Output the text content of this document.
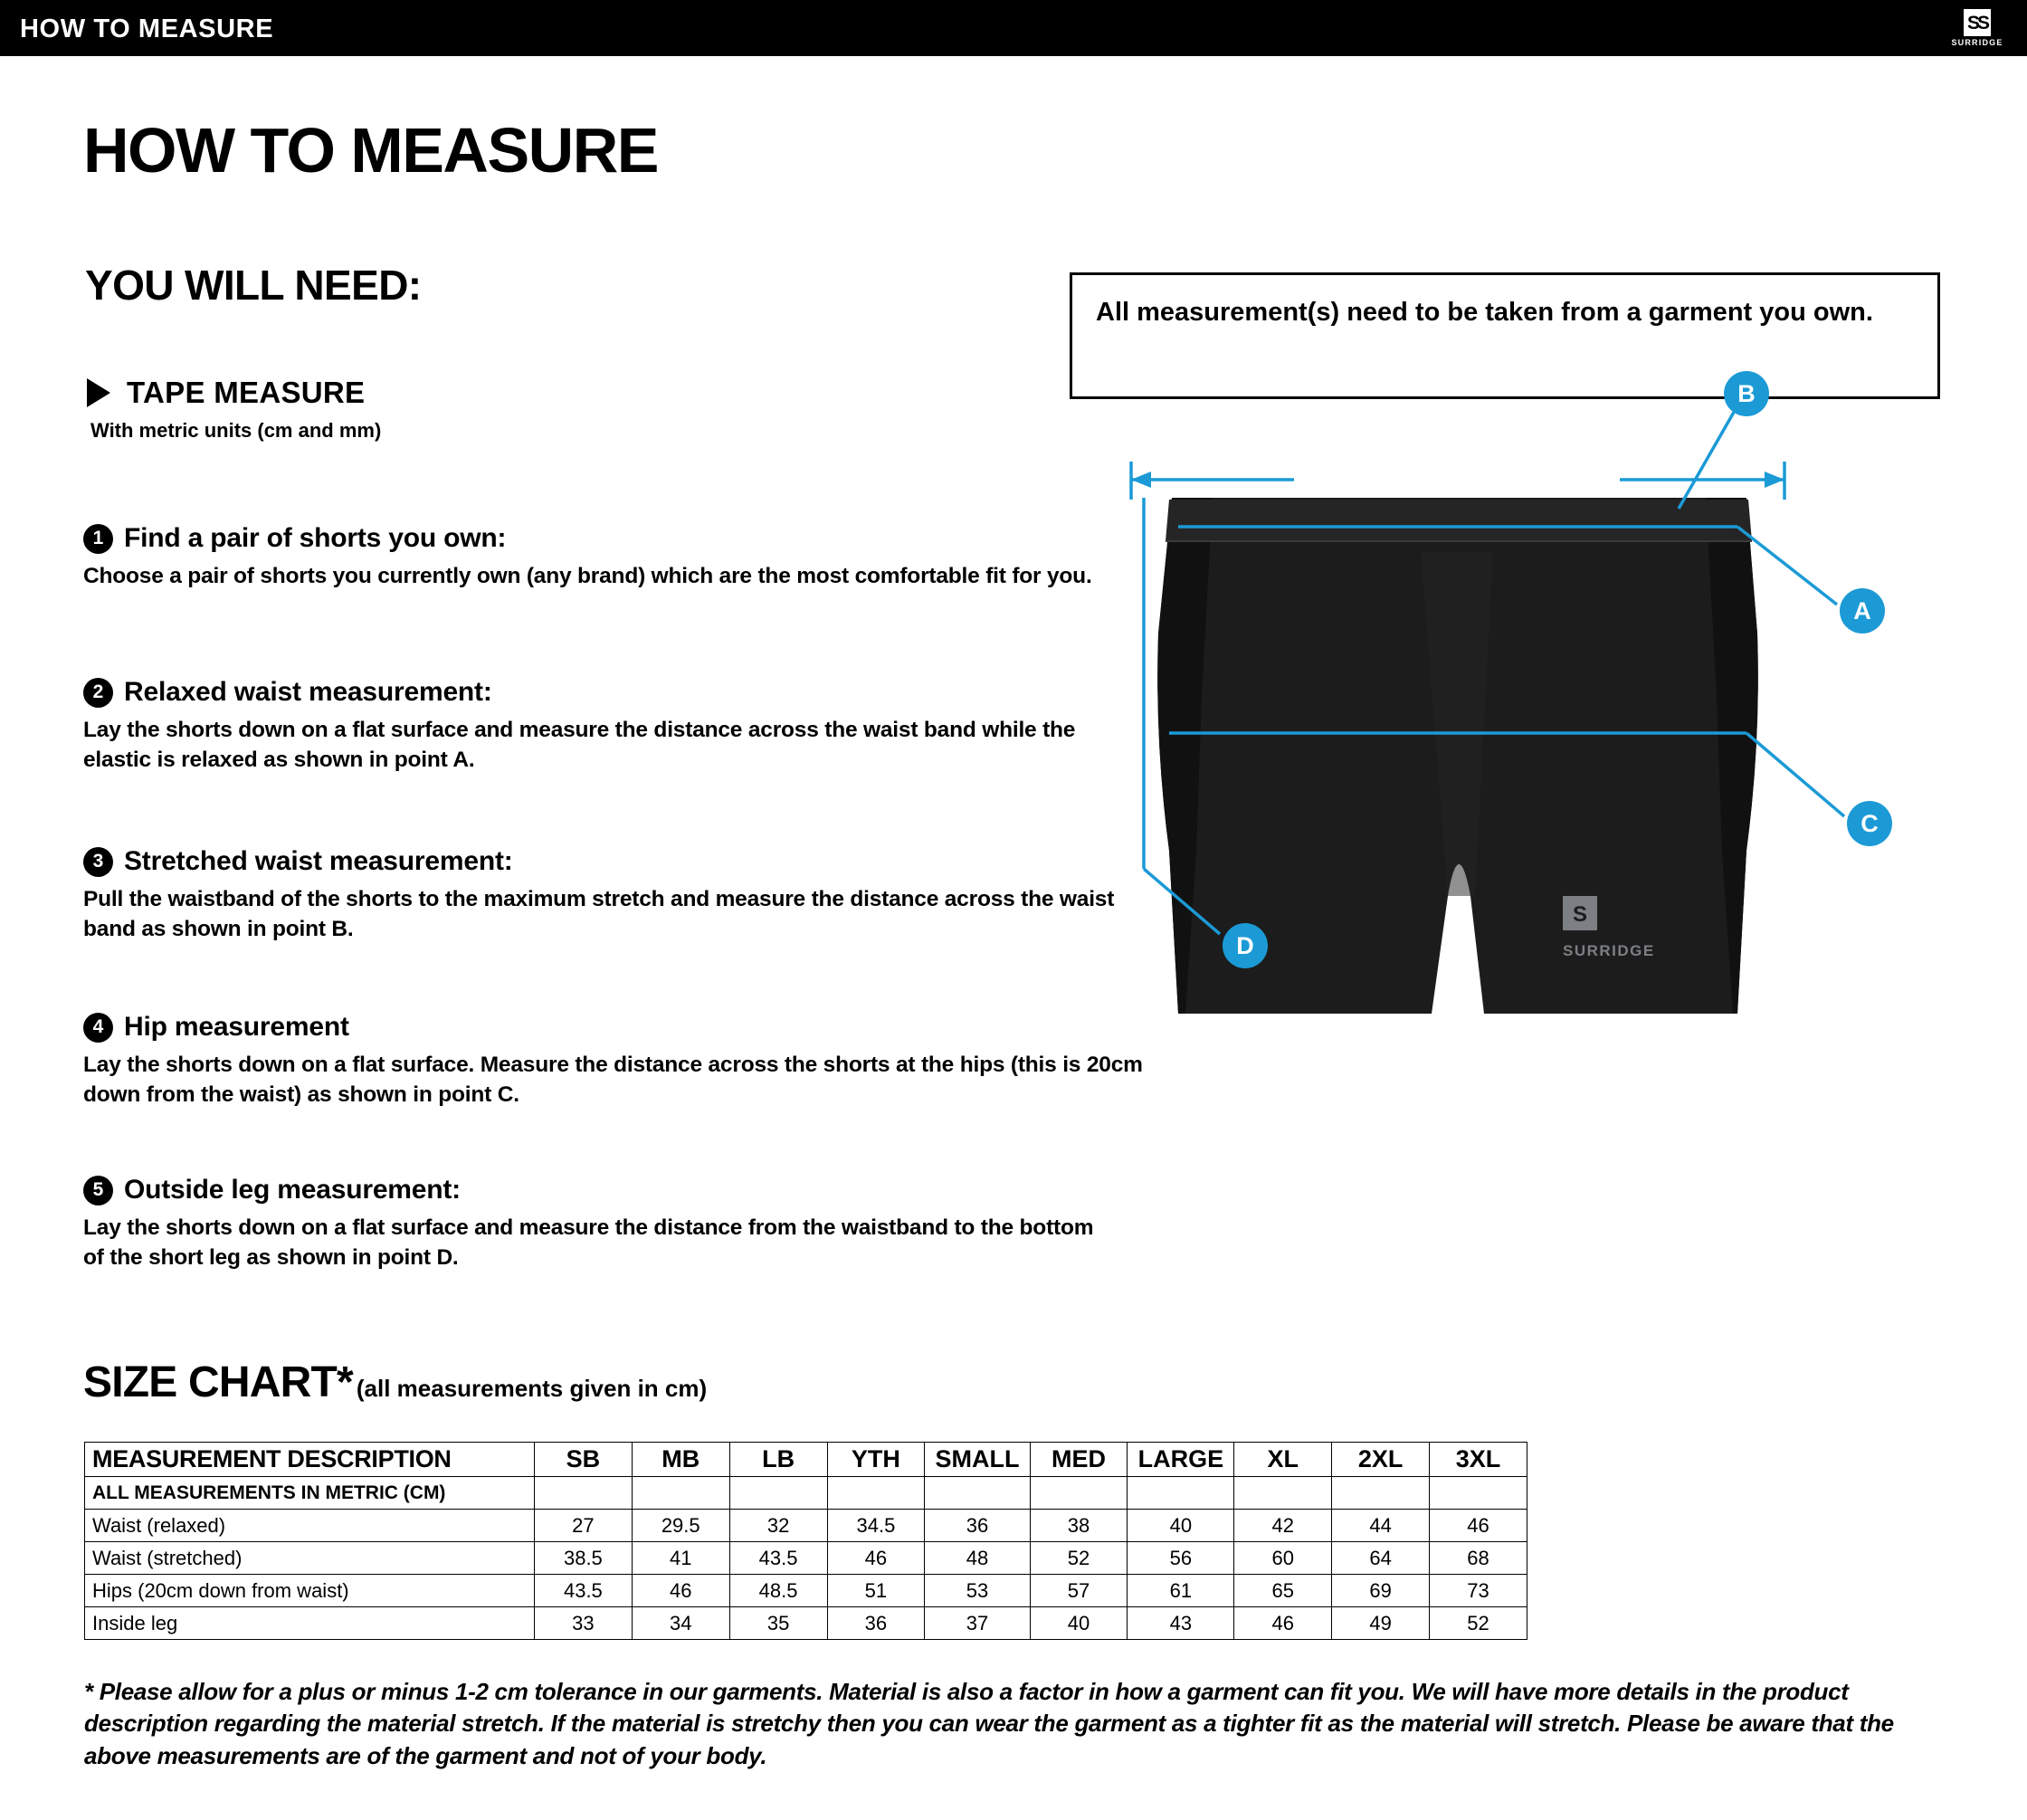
HOW TO MEASURE	SS
SURRIDGE
HOW TO MEASURE
YOU WILL NEED:
TAPE MEASURE
With metric units (cm and mm)
All measurement(s) need to be taken from a garment you own.
1 Find a pair of shorts you own:
Choose a pair of shorts you currently own (any brand) which are the most comfortable fit for you.
2 Relaxed waist measurement:
Lay the shorts down on a flat surface and measure the distance across the waist band while the elastic is relaxed as shown in point A.
3 Stretched waist measurement:
Pull the waistband of the shorts to the maximum stretch and measure the distance across the waist band as shown in point B.
4 Hip measurement
Lay the shorts down on a flat surface. Measure the distance across the shorts at the hips (this is 20cm down from the waist) as shown in point C.
5 Outside leg measurement:
Lay the shorts down on a flat surface and measure the distance from the waistband to the bottom of the short leg as shown in point D.
S
SURRIDGE
B
A
C
D
SIZE CHART* (all measurements given in cm)
MEASUREMENT DESCRIPTION	SB	MB	LB	YTH	SMALL	MED	LARGE	XL	2XL	3XL
ALL MEASUREMENTS IN METRIC (CM)										
Waist (relaxed)	27	29.5	32	34.5	36	38	40	42	44	46
Waist (stretched)	38.5	41	43.5	46	48	52	56	60	64	68
Hips (20cm down from waist)	43.5	46	48.5	51	53	57	61	65	69	73
Inside leg	33	34	35	36	37	40	43	46	49	52
* Please allow for a plus or minus 1-2 cm tolerance in our garments. Material is also a factor in how a garment can fit you. We will have more details in the product description regarding the material stretch. If the material is stretchy then you can wear the garment as a tighter fit as the material will stretch. Please be aware that the above measurements are of the garment and not of your body.
